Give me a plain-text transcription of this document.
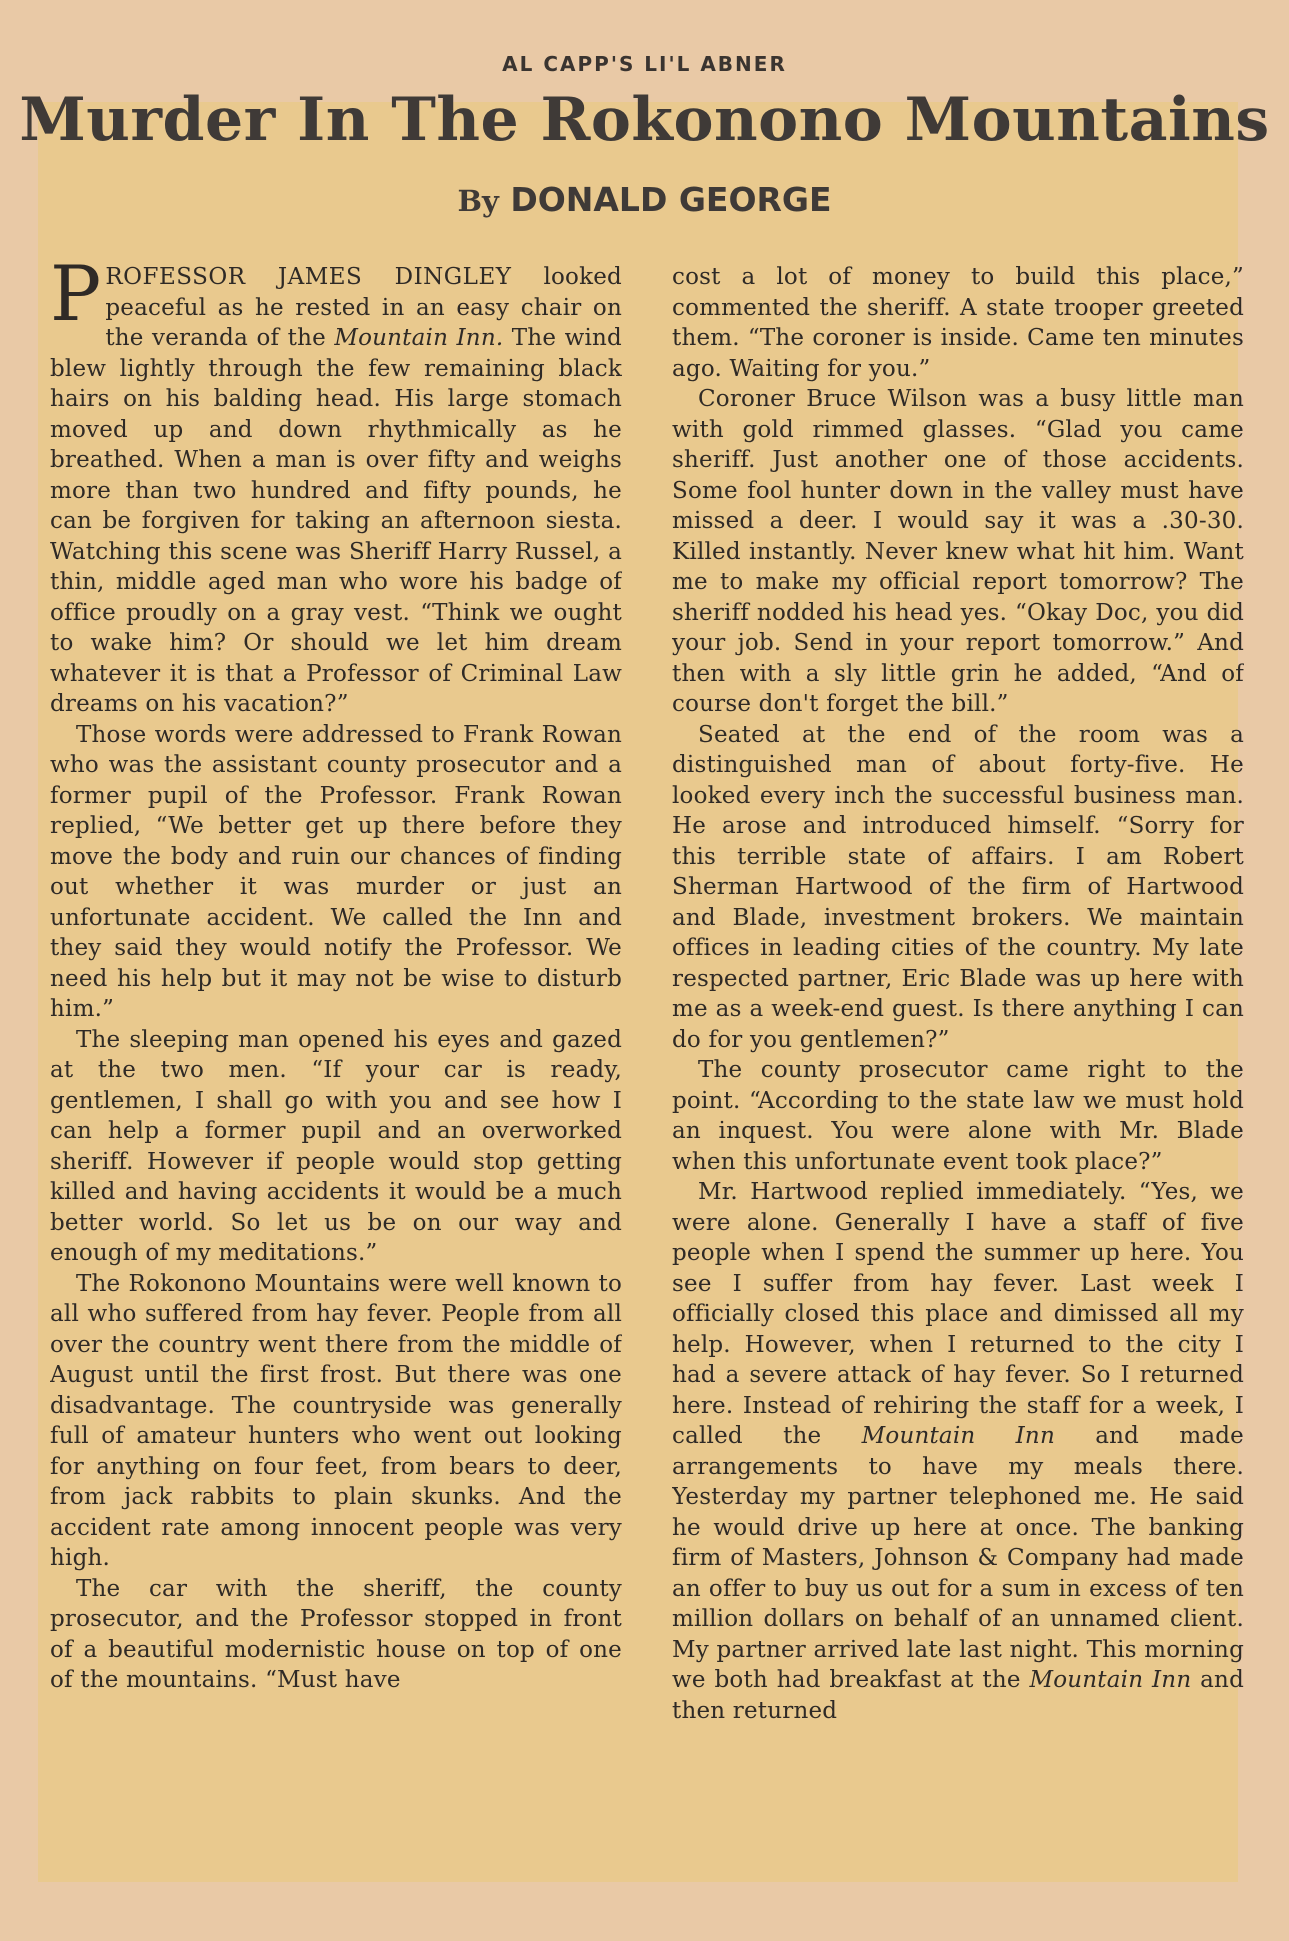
AL CAPP'S LI'L ABNER
Murder In The Rokonono Mountains
By DONALD GEORGE

PROFESSOR JAMES DINGLEY looked peaceful as he rested in an easy chair on the veranda of the Mountain Inn. The wind blew lightly through the few remaining black hairs on his balding head. His large stomach moved up and down rhythmically as he breathed. When a man is over fifty and weighs more than two hundred and fifty pounds, he can be forgiven for taking an afternoon siesta. Watching this scene was Sheriff Harry Russel, a thin, middle aged man who wore his badge of office proudly on a gray vest. “Think we ought to wake him? Or should we let him dream whatever it is that a Professor of Criminal Law dreams on his vacation?”

Those words were addressed to Frank Rowan who was the assistant county prosecutor and a former pupil of the Professor. Frank Rowan replied, “We better get up there before they move the body and ruin our chances of finding out whether it was murder or just an unfortunate accident. We called the Inn and they said they would notify the Professor. We need his help but it may not be wise to disturb him.”

The sleeping man opened his eyes and gazed at the two men. “If your car is ready, gentlemen, I shall go with you and see how I can help a former pupil and an overworked sheriff. However if people would stop getting killed and having accidents it would be a much better world. So let us be on our way and enough of my meditations.”

The Rokonono Mountains were well known to all who suffered from hay fever. People from all over the country went there from the middle of August until the first frost. But there was one disadvantage. The countryside was generally full of amateur hunters who went out looking for anything on four feet, from bears to deer, from jack rabbits to plain skunks. And the accident rate among innocent people was very high.

The car with the sheriff, the county prosecutor, and the Professor stopped in front of a beautiful modernistic house on top of one of the mountains. “Must have

cost a lot of money to build this place,” commented the sheriff. A state trooper greeted them. “The coroner is inside. Came ten minutes ago. Waiting for you.”

Coroner Bruce Wilson was a busy little man with gold rimmed glasses. “Glad you came sheriff. Just another one of those accidents. Some fool hunter down in the valley must have missed a deer. I would say it was a .30-30. Killed instantly. Never knew what hit him. Want me to make my official report tomorrow? The sheriff nodded his head yes. “Okay Doc, you did your job. Send in your report tomorrow.” And then with a sly little grin he added, “And of course don't forget the bill.”

Seated at the end of the room was a distinguished man of about forty-five. He looked every inch the successful business man. He arose and introduced himself. “Sorry for this terrible state of affairs. I am Robert Sherman Hartwood of the firm of Hartwood and Blade, investment brokers. We maintain offices in leading cities of the country. My late respected partner, Eric Blade was up here with me as a week-end guest. Is there anything I can do for you gentlemen?”

The county prosecutor came right to the point. “According to the state law we must hold an inquest. You were alone with Mr. Blade when this unfortunate event took place?”

Mr. Hartwood replied immediately. “Yes, we were alone. Generally I have a staff of five people when I spend the summer up here. You see I suffer from hay fever. Last week I officially closed this place and dimissed all my help. However, when I returned to the city I had a severe attack of hay fever. So I returned here. Instead of rehiring the staff for a week, I called the Mountain Inn and made arrangements to have my meals there. Yesterday my partner telephoned me. He said he would drive up here at once. The banking firm of Masters, Johnson & Company had made an offer to buy us out for a sum in excess of ten million dollars on behalf of an unnamed client. My partner arrived late last night. This morning we both had breakfast at the Mountain Inn and then returned
